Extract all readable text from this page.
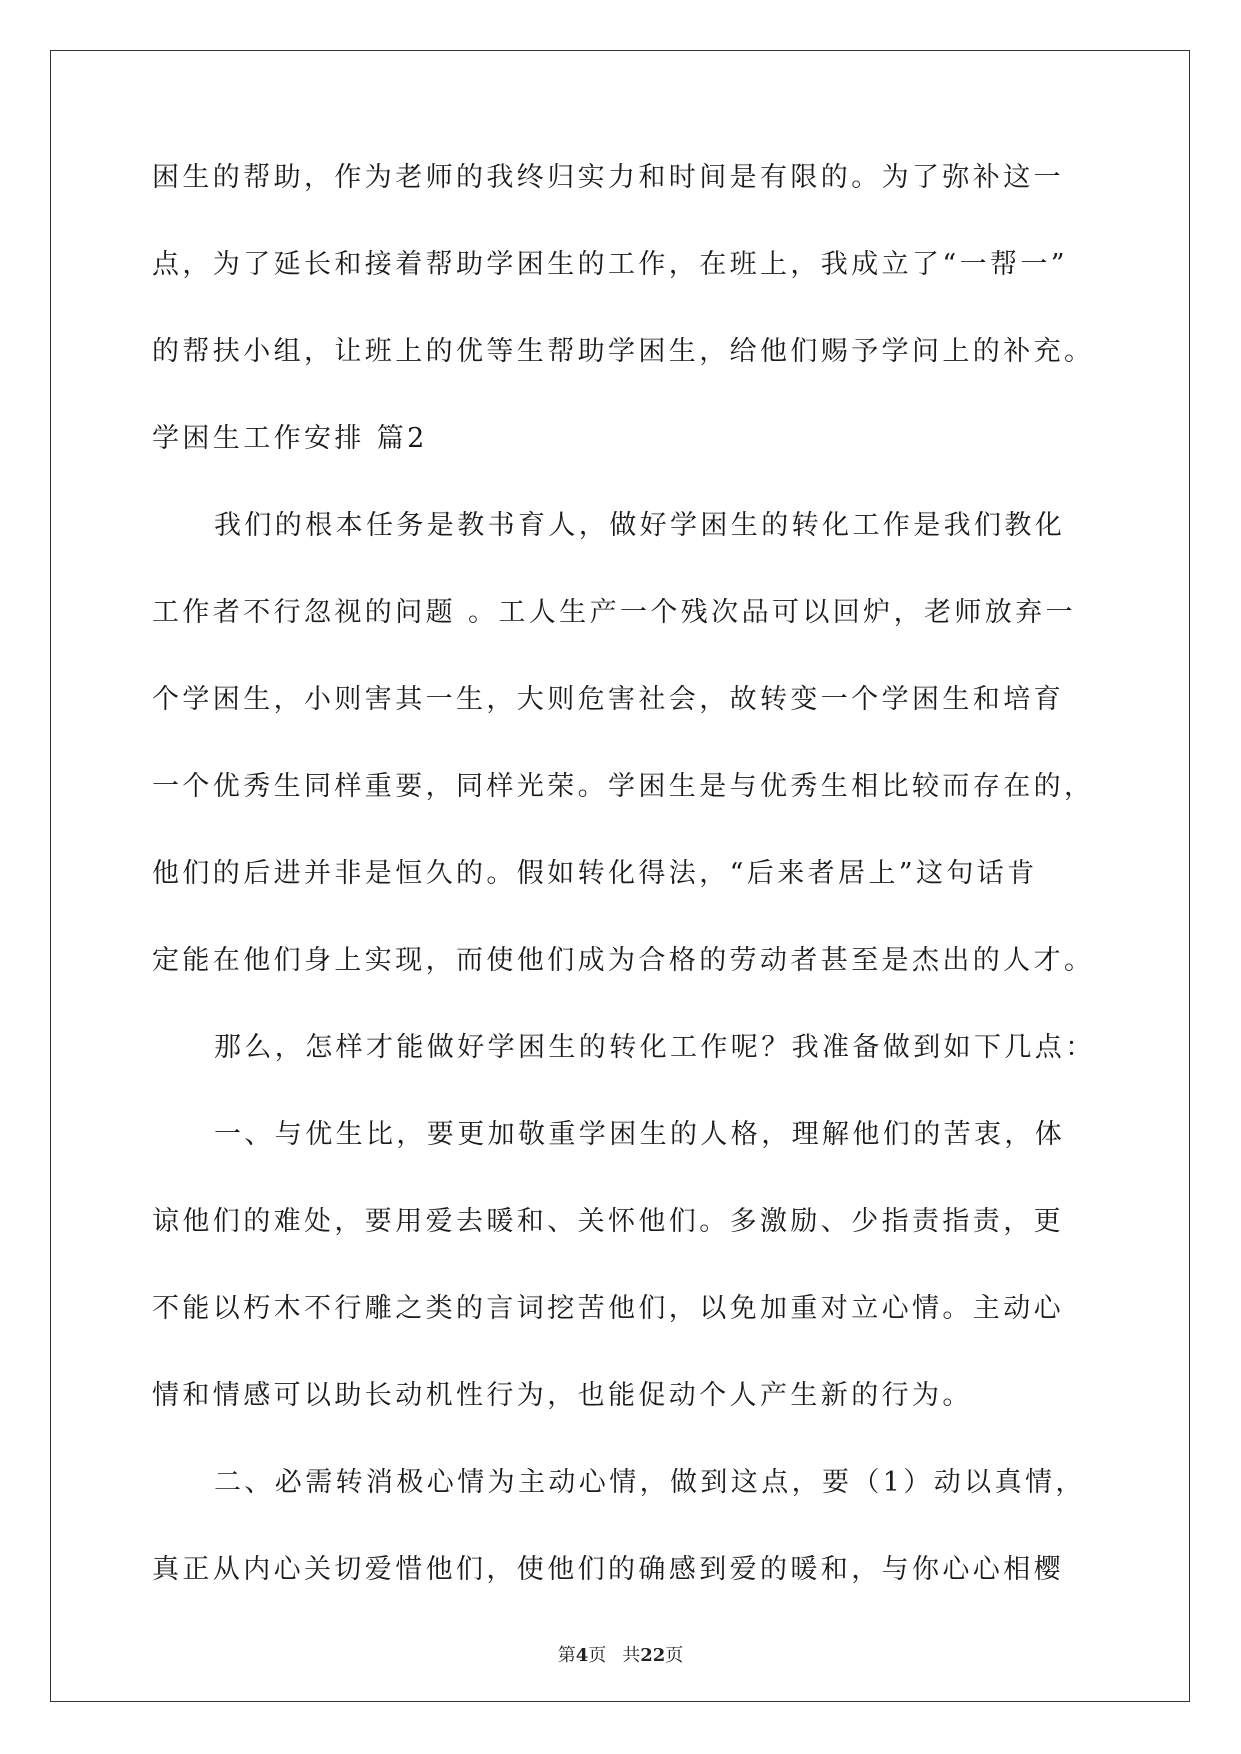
困生的帮助，作为老师的我终归实力和时间是有限的。为了弥补这一
点，为了延长和接着帮助学困生的工作，在班上，我成立了“一帮一”
的帮扶小组，让班上的优等生帮助学困生，给他们赐予学问上的补充。
学困生工作安排 篇2
我们的根本任务是教书育人，做好学困生的转化工作是我们教化
工作者不行忽视的问题 。工人生产一个残次品可以回炉，老师放弃一
个学困生，小则害其一生，大则危害社会，故转变一个学困生和培育
一个优秀生同样重要，同样光荣。学困生是与优秀生相比较而存在的，
他们的后进并非是恒久的。假如转化得法，“后来者居上”这句话肯
定能在他们身上实现，而使他们成为合格的劳动者甚至是杰出的人才。
那么，怎样才能做好学困生的转化工作呢？我准备做到如下几点：
一、与优生比，要更加敬重学困生的人格，理解他们的苦衷，体
谅他们的难处，要用爱去暖和、关怀他们。多激励、少指责指责，更
不能以朽木不行雕之类的言词挖苦他们，以免加重对立心情。主动心
情和情感可以助长动机性行为，也能促动个人产生新的行为。
二、必需转消极心情为主动心情，做到这点，要（1）动以真情，
真正从内心关切爱惜他们，使他们的确感到爱的暖和，与你心心相樱
第4页 共22页
